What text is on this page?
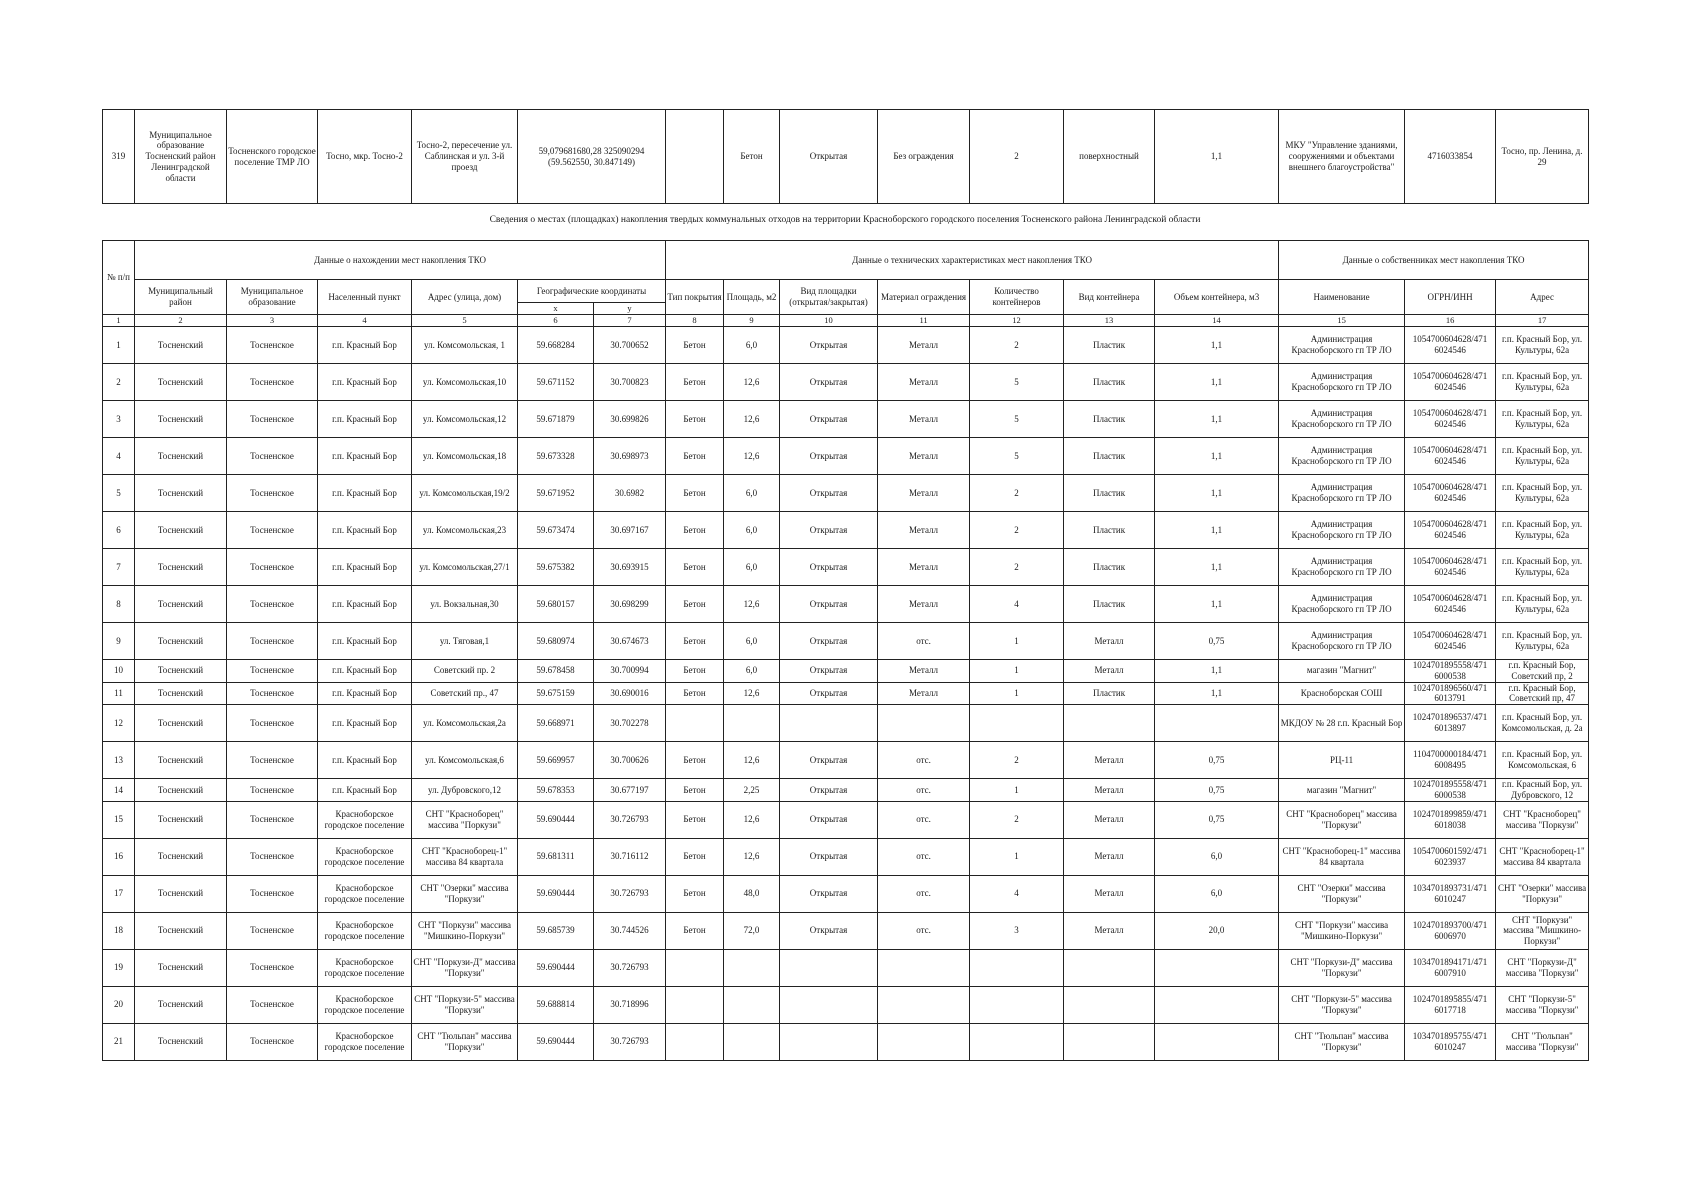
319	Муниципальное образование Тосненский район Ленинградской области	Тосненского городское поселение ТМР ЛО	Тосно, мкр. Тосно-2	Тосно-2, пересечение ул. Саблинская и ул. 3-й проезд	59,079681680,28 325090294 (59.562550, 30.847149)		Бетон	Открытая	Без ограждения	2	поверхностный	1,1	МКУ "Управление зданиями, сооружениями и объектами внешнего благоустройства"	4716033854	Тосно, пр. Ленина, д. 29
Сведения о местах (площадках) накопления твердых коммунальных отходов на территории Красноборского городского поселения Тосненского района Ленинградской области
№ п/п	Данные о нахождении мест накопления ТКО						Данные о технических характеристиках мест накопления ТКО							Данные о собственниках мест накопления ТКО		
	Муниципальный район	Муниципальное образование	Населенный пункт	Адрес (улица, дом)	Географические координаты		Тип покрытия	Площадь, м2	Вид площадки (открытая/закрытая)	Материал ограждения	Количество контейнеров	Вид контейнера	Объем контейнера, м3	Наименование	ОГРН/ИНН	Адрес
					x	y										
1	2	3	4	5	6	7	8	9	10	11	12	13	14	15	16	17
1	Тосненский	Тосненское	г.п. Красный Бор	ул. Комсомольская, 1	59.668284	30.700652	Бетон	6,0	Открытая	Металл	2	Пластик	1,1	Администрация Красноборского гп ТР ЛО	1054700604628/471 6024546	г.п. Красный Бор, ул. Культуры, 62а
2	Тосненский	Тосненское	г.п. Красный Бор	ул. Комсомольская,10	59.671152	30.700823	Бетон	12,6	Открытая	Металл	5	Пластик	1,1	Администрация Красноборского гп ТР ЛО	1054700604628/471 6024546	г.п. Красный Бор, ул. Культуры, 62а
3	Тосненский	Тосненское	г.п. Красный Бор	ул. Комсомольская,12	59.671879	30.699826	Бетон	12,6	Открытая	Металл	5	Пластик	1,1	Администрация Красноборского гп ТР ЛО	1054700604628/471 6024546	г.п. Красный Бор, ул. Культуры, 62а
4	Тосненский	Тосненское	г.п. Красный Бор	ул. Комсомольская,18	59.673328	30.698973	Бетон	12,6	Открытая	Металл	5	Пластик	1,1	Администрация Красноборского гп ТР ЛО	1054700604628/471 6024546	г.п. Красный Бор, ул. Культуры, 62а
5	Тосненский	Тосненское	г.п. Красный Бор	ул. Комсомольская,19/2	59.671952	30.6982	Бетон	6,0	Открытая	Металл	2	Пластик	1,1	Администрация Красноборского гп ТР ЛО	1054700604628/471 6024546	г.п. Красный Бор, ул. Культуры, 62а
6	Тосненский	Тосненское	г.п. Красный Бор	ул. Комсомольская,23	59.673474	30.697167	Бетон	6,0	Открытая	Металл	2	Пластик	1,1	Администрация Красноборского гп ТР ЛО	1054700604628/471 6024546	г.п. Красный Бор, ул. Культуры, 62а
7	Тосненский	Тосненское	г.п. Красный Бор	ул. Комсомольская,27/1	59.675382	30.693915	Бетон	6,0	Открытая	Металл	2	Пластик	1,1	Администрация Красноборского гп ТР ЛО	1054700604628/471 6024546	г.п. Красный Бор, ул. Культуры, 62а
8	Тосненский	Тосненское	г.п. Красный Бор	ул. Вокзальная,30	59.680157	30.698299	Бетон	12,6	Открытая	Металл	4	Пластик	1,1	Администрация Красноборского гп ТР ЛО	1054700604628/471 6024546	г.п. Красный Бор, ул. Культуры, 62а
9	Тосненский	Тосненское	г.п. Красный Бор	ул. Тяговая,1	59.680974	30.674673	Бетон	6,0	Открытая	отс.	1	Металл	0,75	Администрация Красноборского гп ТР ЛО	1054700604628/471 6024546	г.п. Красный Бор, ул. Культуры, 62а
10	Тосненский	Тосненское	г.п. Красный Бор	Советский пр. 2	59.678458	30.700994	Бетон	6,0	Открытая	Металл	1	Металл	1,1	магазин "Магнит"	1024701895558/471 6000538	г.п. Красный Бор, Советский пр, 2
11	Тосненский	Тосненское	г.п. Красный Бор	Советский пр., 47	59.675159	30.690016	Бетон	12,6	Открытая	Металл	1	Пластик	1,1	Красноборская СОШ	1024701896560/471 6013791	г.п. Красный Бор, Советский пр, 47
12	Тосненский	Тосненское	г.п. Красный Бор	ул. Комсомольская,2а	59.668971	30.702278								МКДОУ № 28 г.п. Красный Бор	1024701896537/471 6013897	г.п. Красный Бор, ул. Комсомольская, д. 2а
13	Тосненский	Тосненское	г.п. Красный Бор	ул. Комсомольская,6	59.669957	30.700626	Бетон	12,6	Открытая	отс.	2	Металл	0,75	РЦ-11	1104700000184/471 6008495	г.п. Красный Бор, ул. Комсомольская, 6
14	Тосненский	Тосненское	г.п. Красный Бор	ул. Дубровского,12	59.678353	30.677197	Бетон	2,25	Открытая	отс.	1	Металл	0,75	магазин "Магнит"	1024701895558/471 6000538	г.п. Красный Бор, ул. Дубровского, 12
15	Тосненский	Тосненское	Красноборское городское поселение	СНТ "Красноборец" массива "Поркузи"	59.690444	30.726793	Бетон	12,6	Открытая	отс.	2	Металл	0,75	СНТ "Красноборец" массива "Поркузи"	1024701899859/471 6018038	СНТ "Красноборец" массива "Поркузи"
16	Тосненский	Тосненское	Красноборское городское поселение	СНТ "Красноборец-1" массива 84 квартала	59.681311	30.716112	Бетон	12,6	Открытая	отс.	1	Металл	6,0	СНТ "Красноборец-1" массива 84 квартала	1054700601592/471 6023937	СНТ "Красноборец-1" массива 84 квартала
17	Тосненский	Тосненское	Красноборское городское поселение	СНТ "Озерки" массива "Поркузи"	59.690444	30.726793	Бетон	48,0	Открытая	отс.	4	Металл	6,0	СНТ "Озерки" массива "Поркузи"	1034701893731/471 6010247	СНТ "Озерки" массива "Поркузи"
18	Тосненский	Тосненское	Красноборское городское поселение	СНТ "Поркузи" массива "Мишкино-Поркузи"	59.685739	30.744526	Бетон	72,0	Открытая	отс.	3	Металл	20,0	СНТ "Поркузи" массива "Мишкино-Поркузи"	1024701893700/471 6006970	СНТ "Поркузи" массива "Мишкино-Поркузи"
19	Тосненский	Тосненское	Красноборское городское поселение	СНТ "Поркузи-Д" массива "Поркузи"	59.690444	30.726793								СНТ "Поркузи-Д" массива "Поркузи"	1034701894171/471 6007910	СНТ "Поркузи-Д" массива "Поркузи"
20	Тосненский	Тосненское	Красноборское городское поселение	СНТ "Поркузи-5" массива "Поркузи"	59.688814	30.718996								СНТ "Поркузи-5" массива "Поркузи"	1024701895855/471 6017718	СНТ "Поркузи-5" массива "Поркузи"
21	Тосненский	Тосненское	Красноборское городское поселение	СНТ "Тюльпан" массива "Поркузи"	59.690444	30.726793								СНТ "Тюльпан" массива "Поркузи"	1034701895755/471 6010247	СНТ "Тюльпан" массива "Поркузи"
